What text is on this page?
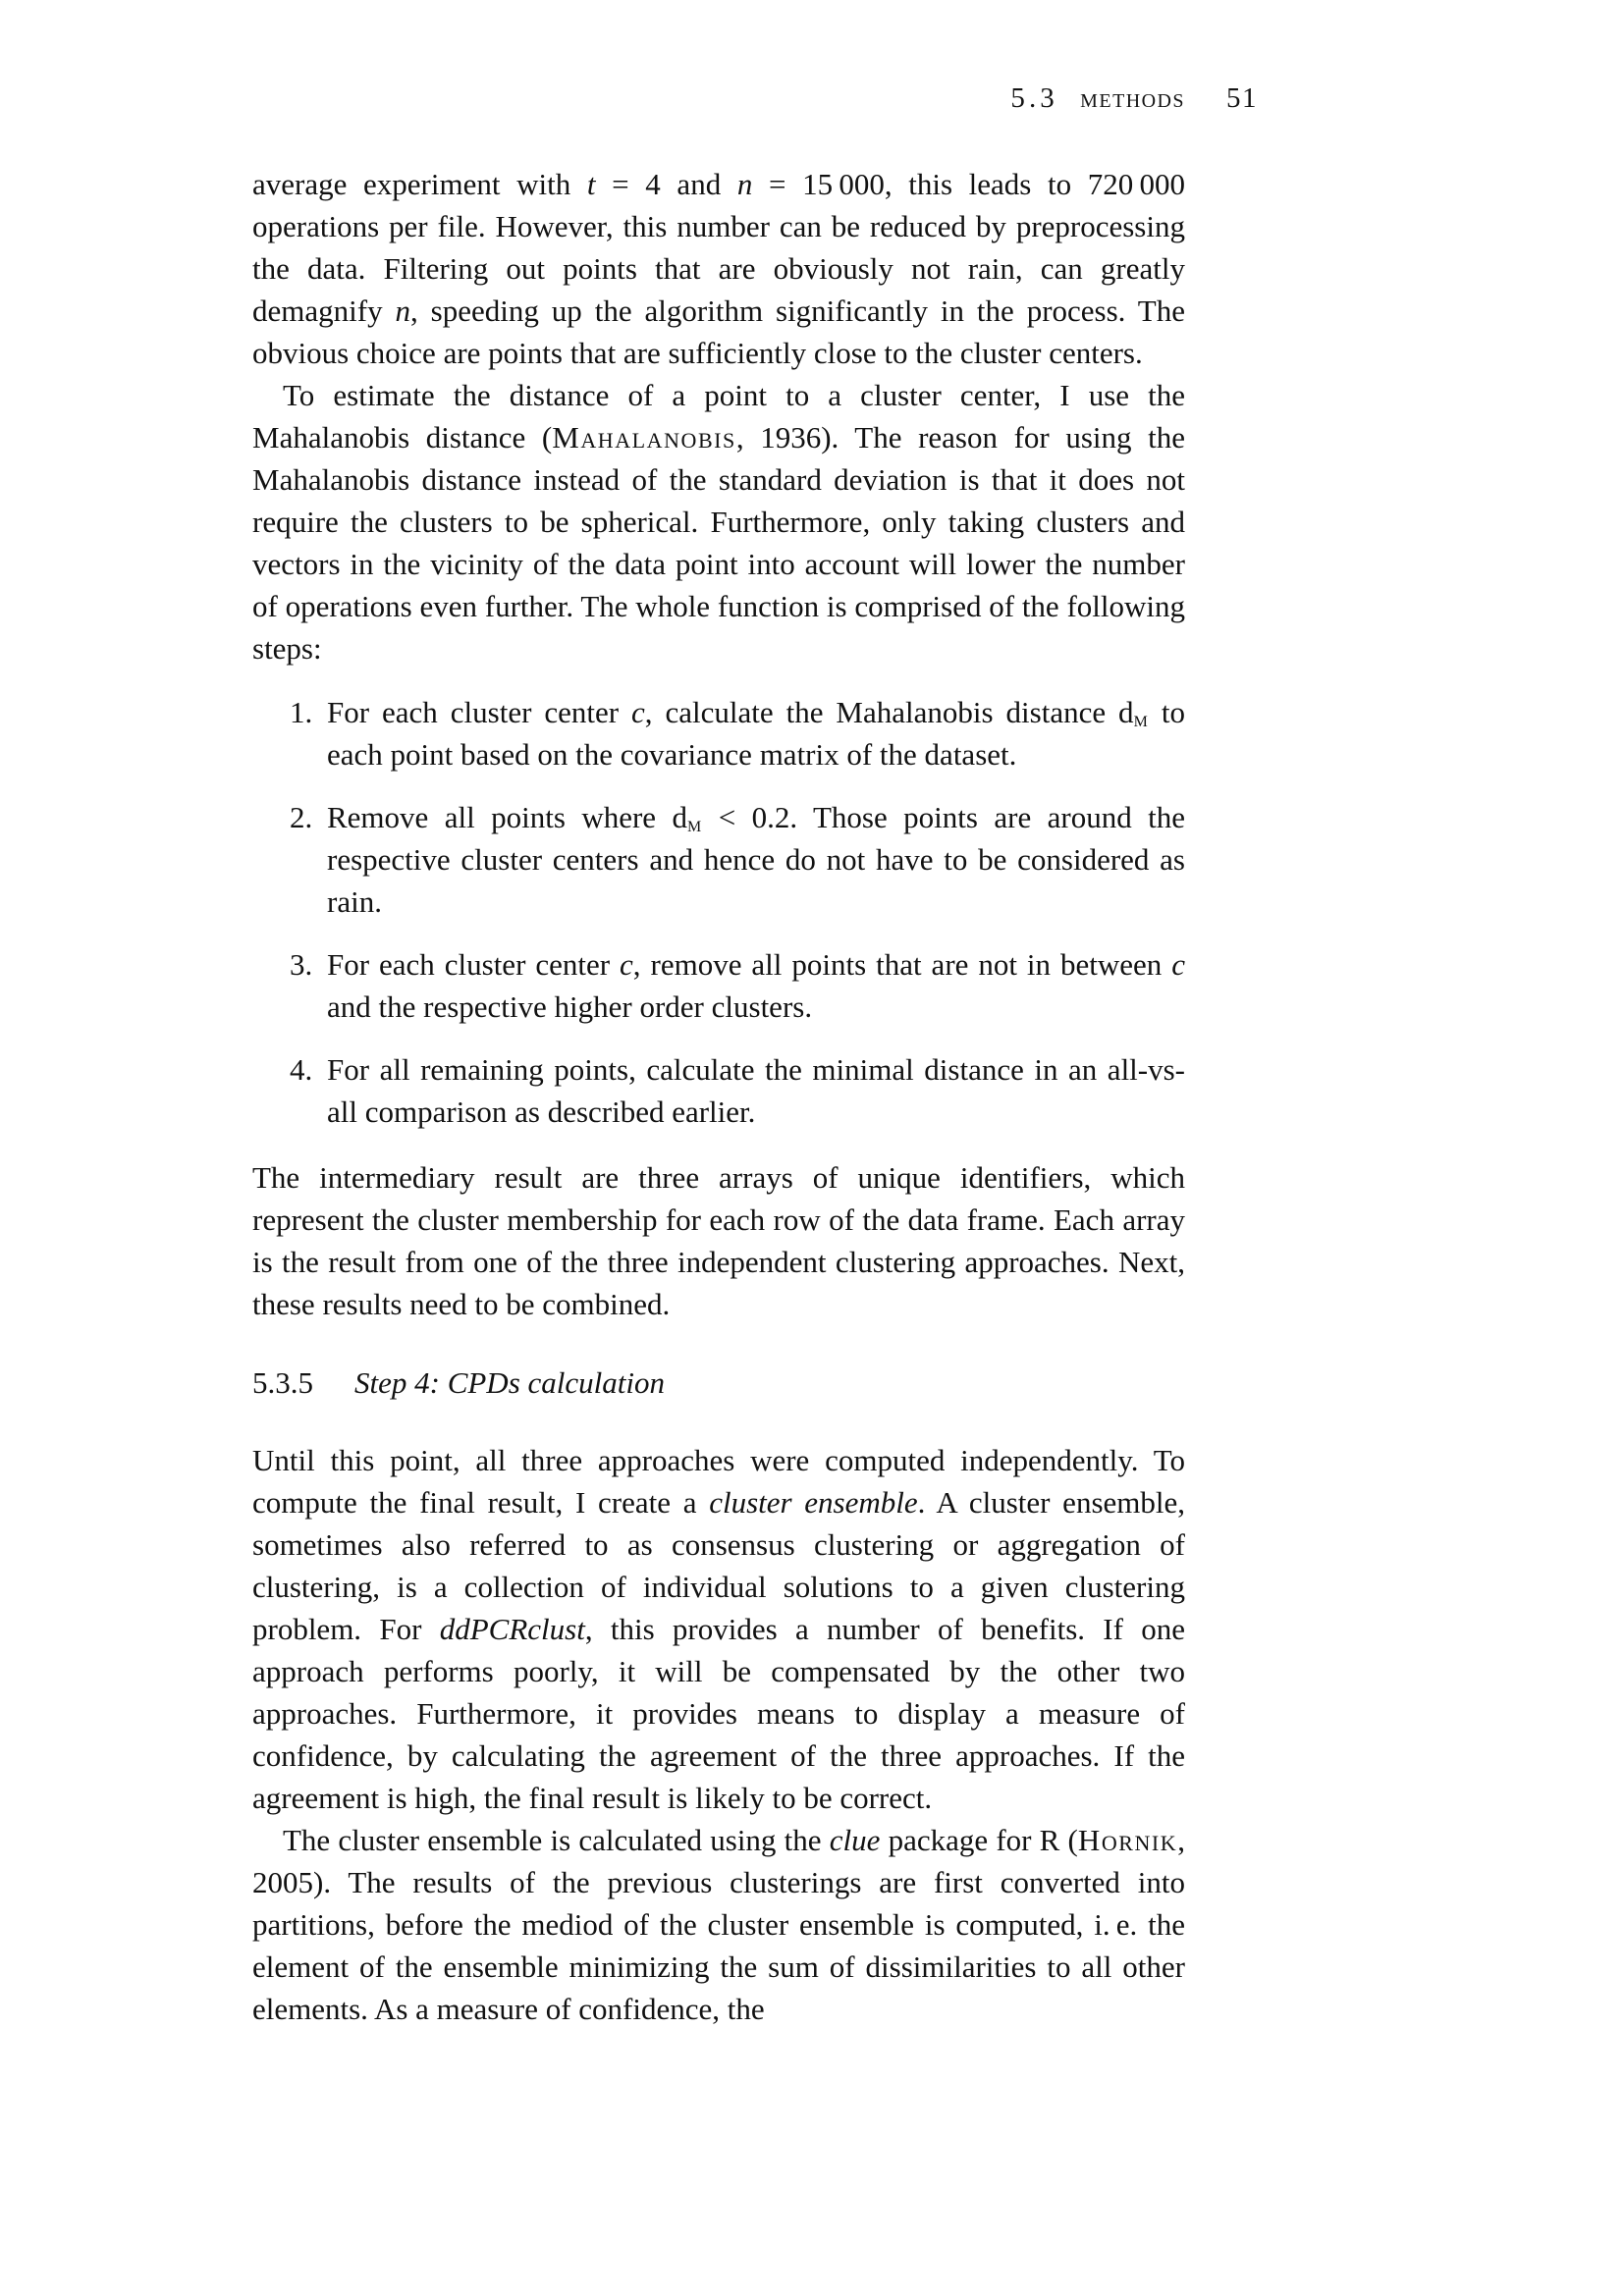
5.3 methods 51

average experiment with t = 4 and n = 15 000, this leads to 720 000 operations per file. However, this number can be reduced by preprocessing the data. Filtering out points that are obviously not rain, can greatly demagnify n, speeding up the algorithm significantly in the process. The obvious choice are points that are sufficiently close to the cluster centers.

To estimate the distance of a point to a cluster center, I use the Mahalanobis distance (Mahalanobis, 1936). The reason for using the Mahalanobis distance instead of the standard deviation is that it does not require the clusters to be spherical. Furthermore, only taking clusters and vectors in the vicinity of the data point into account will lower the number of operations even further. The whole function is comprised of the following steps:

1. For each cluster center c, calculate the Mahalanobis distance dm to each point based on the covariance matrix of the dataset.
2. Remove all points where dm < 0.2. Those points are around the respective cluster centers and hence do not have to be considered as rain.
3. For each cluster center c, remove all points that are not in between c and the respective higher order clusters.
4. For all remaining points, calculate the minimal distance in an all-vs-all comparison as described earlier.

The intermediary result are three arrays of unique identifiers, which represent the cluster membership for each row of the data frame. Each array is the result from one of the three independent clustering approaches. Next, these results need to be combined.

5.3.5 Step 4: CPDs calculation

Until this point, all three approaches were computed independently. To compute the final result, I create a cluster ensemble. A cluster ensemble, sometimes also referred to as consensus clustering or aggregation of clustering, is a collection of individual solutions to a given clustering problem. For ddPCRclust, this provides a number of benefits. If one approach performs poorly, it will be compensated by the other two approaches. Furthermore, it provides means to display a measure of confidence, by calculating the agreement of the three approaches. If the agreement is high, the final result is likely to be correct.

The cluster ensemble is calculated using the clue package for R (Hornik, 2005). The results of the previous clusterings are first converted into partitions, before the mediod of the cluster ensemble is computed, i. e. the element of the ensemble minimizing the sum of dissimilarities to all other elements. As a measure of confidence, the
